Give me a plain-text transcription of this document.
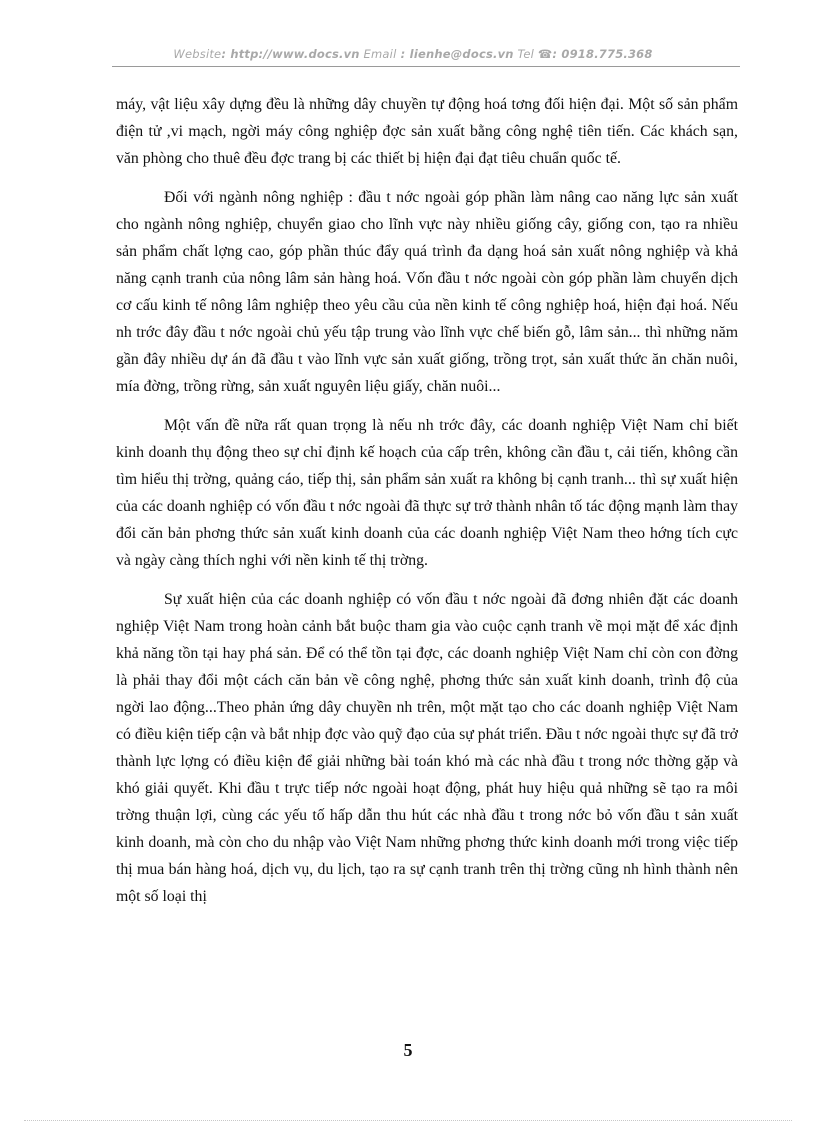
Website: http://www.docs.vn Email : lienhe@docs.vn Tel ☎: 0918.775.368

máy, vật liệu xây dựng đều là những dây chuyền tự động hoá tơng đối hiện đại. Một số sản phẩm điện tử ,vi mạch, ngời máy công nghiệp đợc sản xuất bằng công nghệ tiên tiến. Các khách sạn, văn phòng cho thuê đều đợc trang bị các thiết bị hiện đại đạt tiêu chuẩn quốc tế.

Đối với ngành nông nghiệp : đầu t nớc ngoài góp phần làm nâng cao năng lực sản xuất cho ngành nông nghiệp, chuyển giao cho lĩnh vực này nhiều giống cây, giống con, tạo ra nhiều sản phẩm chất lợng cao, góp phần thúc đẩy quá trình đa dạng hoá sản xuất nông nghiệp và khả năng cạnh tranh của nông lâm sản hàng hoá. Vốn đầu t nớc ngoài còn góp phần làm chuyển dịch cơ cấu kinh tế nông lâm nghiệp theo yêu cầu của nền kinh tế công nghiệp hoá, hiện đại hoá. Nếu nh trớc đây đầu t nớc ngoài chủ yếu tập trung vào lĩnh vực chế biến gỗ, lâm sản... thì những năm gần đây nhiều dự án đã đầu t vào lĩnh vực sản xuất giống, trồng trọt, sản xuất thức ăn chăn nuôi, mía đờng, trồng rừng, sản xuất nguyên liệu giấy, chăn nuôi...

Một vấn đề nữa rất quan trọng là nếu nh trớc đây, các doanh nghiệp Việt Nam chỉ biết kinh doanh thụ động theo sự chỉ định kế hoạch của cấp trên, không cần đầu t, cải tiến, không cần tìm hiểu thị trờng, quảng cáo, tiếp thị, sản phẩm sản xuất ra không bị cạnh tranh... thì sự xuất hiện của các doanh nghiệp có vốn đầu t nớc ngoài đã thực sự trở thành nhân tố tác động mạnh làm thay đổi căn bản phơng thức sản xuất kinh doanh của các doanh nghiệp Việt Nam theo hớng tích cực và ngày càng thích nghi với nền kinh tế thị trờng.

Sự xuất hiện của các doanh nghiệp có vốn đầu t nớc ngoài đã đơng nhiên đặt các doanh nghiệp Việt Nam trong hoàn cảnh bắt buộc tham gia vào cuộc cạnh tranh về mọi mặt để xác định khả năng tồn tại hay phá sản. Để có thể tồn tại đợc, các doanh nghiệp Việt Nam chỉ còn con đờng là phải thay đổi một cách căn bản về công nghệ, phơng thức sản xuất kinh doanh, trình độ của ngời lao động...Theo phản ứng dây chuyền nh trên, một mặt tạo cho các doanh nghiệp Việt Nam có điều kiện tiếp cận và bắt nhịp đợc vào quỹ đạo của sự phát triển. Đầu t nớc ngoài thực sự đã trở thành lực lợng có điều kiện để giải những bài toán khó mà các nhà đầu t trong nớc thờng gặp và khó giải quyết. Khi đầu t trực tiếp nớc ngoài hoạt động, phát huy hiệu quả những sẽ tạo ra môi trờng thuận lợi, cùng các yếu tố hấp dẫn thu hút các nhà đầu t trong nớc bỏ vốn đầu t sản xuất kinh doanh, mà còn cho du nhập vào Việt Nam những phơng thức kinh doanh mới trong việc tiếp thị mua bán hàng hoá, dịch vụ, du lịch, tạo ra sự cạnh tranh trên thị trờng cũng nh hình thành nên một số loại thị

5
